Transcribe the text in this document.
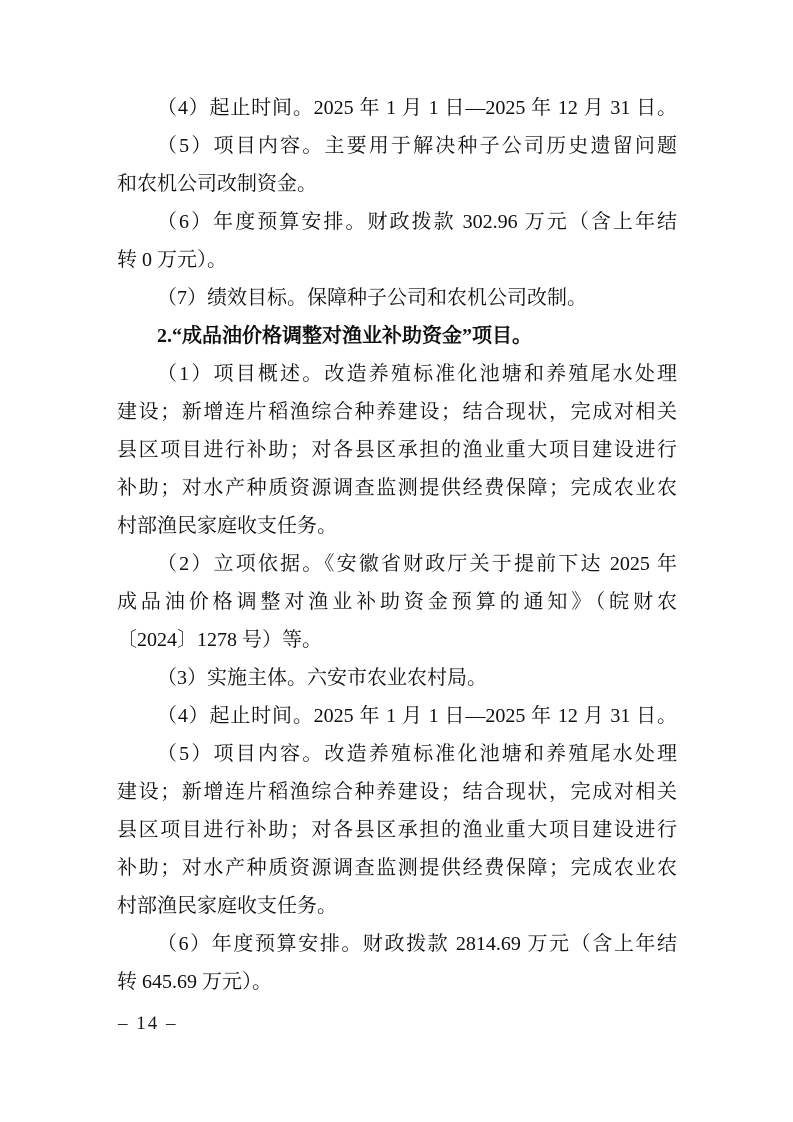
（4）起止时间。2025 年 1 月 1 日—2025 年 12 月 31 日。
（5）项目内容。主要用于解决种子公司历史遗留问题
和农机公司改制资金。
（6）年度预算安排。财政拨款 302.96 万元（含上年结
转 0 万元）。
（7）绩效目标。保障种子公司和农机公司改制。
2.“成品油价格调整对渔业补助资金”项目。
（1）项目概述。改造养殖标准化池塘和养殖尾水处理
建设；新增连片稻渔综合种养建设；结合现状，完成对相关
县区项目进行补助；对各县区承担的渔业重大项目建设进行
补助；对水产种质资源调查监测提供经费保障；完成农业农
村部渔民家庭收支任务。
（2）立项依据。《安徽省财政厅关于提前下达 2025 年
成品油价格调整对渔业补助资金预算的通知》（皖财农
〔2024〕1278 号）等。
（3）实施主体。六安市农业农村局。
（4）起止时间。2025 年 1 月 1 日—2025 年 12 月 31 日。
（5）项目内容。改造养殖标准化池塘和养殖尾水处理
建设；新增连片稻渔综合种养建设；结合现状，完成对相关
县区项目进行补助；对各县区承担的渔业重大项目建设进行
补助；对水产种质资源调查监测提供经费保障；完成农业农
村部渔民家庭收支任务。
（6）年度预算安排。财政拨款 2814.69 万元（含上年结
转 645.69 万元）。
– 14 –
